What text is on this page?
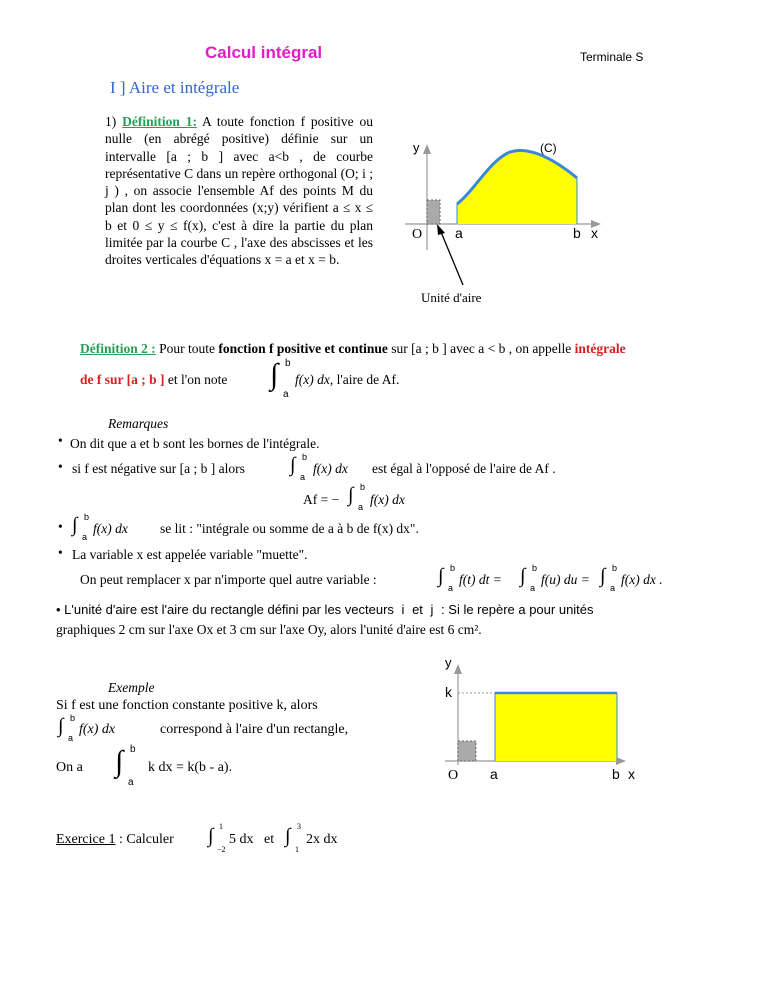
Calcul intégral	Terminale S
I ] Aire et intégrale
1) Définition 1: A toute fonction f positive ou nulle (en abrégé positive) définie sur un intervalle [a ; b ] avec a<b , de courbe représentative C dans un repère orthogonal (O; i ; j ) , on associe l'ensemble Af des points M du plan dont les coordonnées (x;y) vérifient a ≤ x ≤ b et 0 ≤ y ≤ f(x), c'est à dire la partie du plan limitée par la courbe C , l'axe des abscisses et les droites verticales d'équations x = a et x = b.
y	(C)
O a	b x
Unité d'aire
Définition 2 : Pour toute fonction f positive et continue sur [a ; b ] avec a < b , on appelle intégrale
de f sur [a ; b ] et l'on note ∫ b
a
f(x) dx, l'aire de Af.
Remarques
On dit que a et b sont les bornes de l'intégrale.
•
• si f est négative sur [a ; b ] alors ∫ b
a
f(x) dx est égal à l'opposé de l'aire de Af .
Af = − ∫ b
a f(x) dx
• ∫ b
a
f(x) dx se lit : "intégrale ou somme de a à b de f(x) dx".
• La variable x est appelée variable "muette".
On peut remplacer x par n'importe quel autre variable :	∫ b
a
f(t) dt = ∫ b
a
f(u) du = ∫ b
a
f(x) dx .
• L'unité d'aire est l'aire du rectangle défini par les vecteurs i et j : Si le repère a pour unités
graphiques 2 cm sur l'axe Ox et 3 cm sur l'axe Oy, alors l'unité d'aire est 6 cm².
Exemple
Si f est une fonction constante positive k, alors
∫ b
a
f(x) dx	correspond à l'aire d'un rectangle,
On a ∫ b
a
k dx = k(b - a).
y
k
O a	b x
Exercice 1 : Calculer ∫ 1
−2
5 dx et ∫ 3
1
2x dx
